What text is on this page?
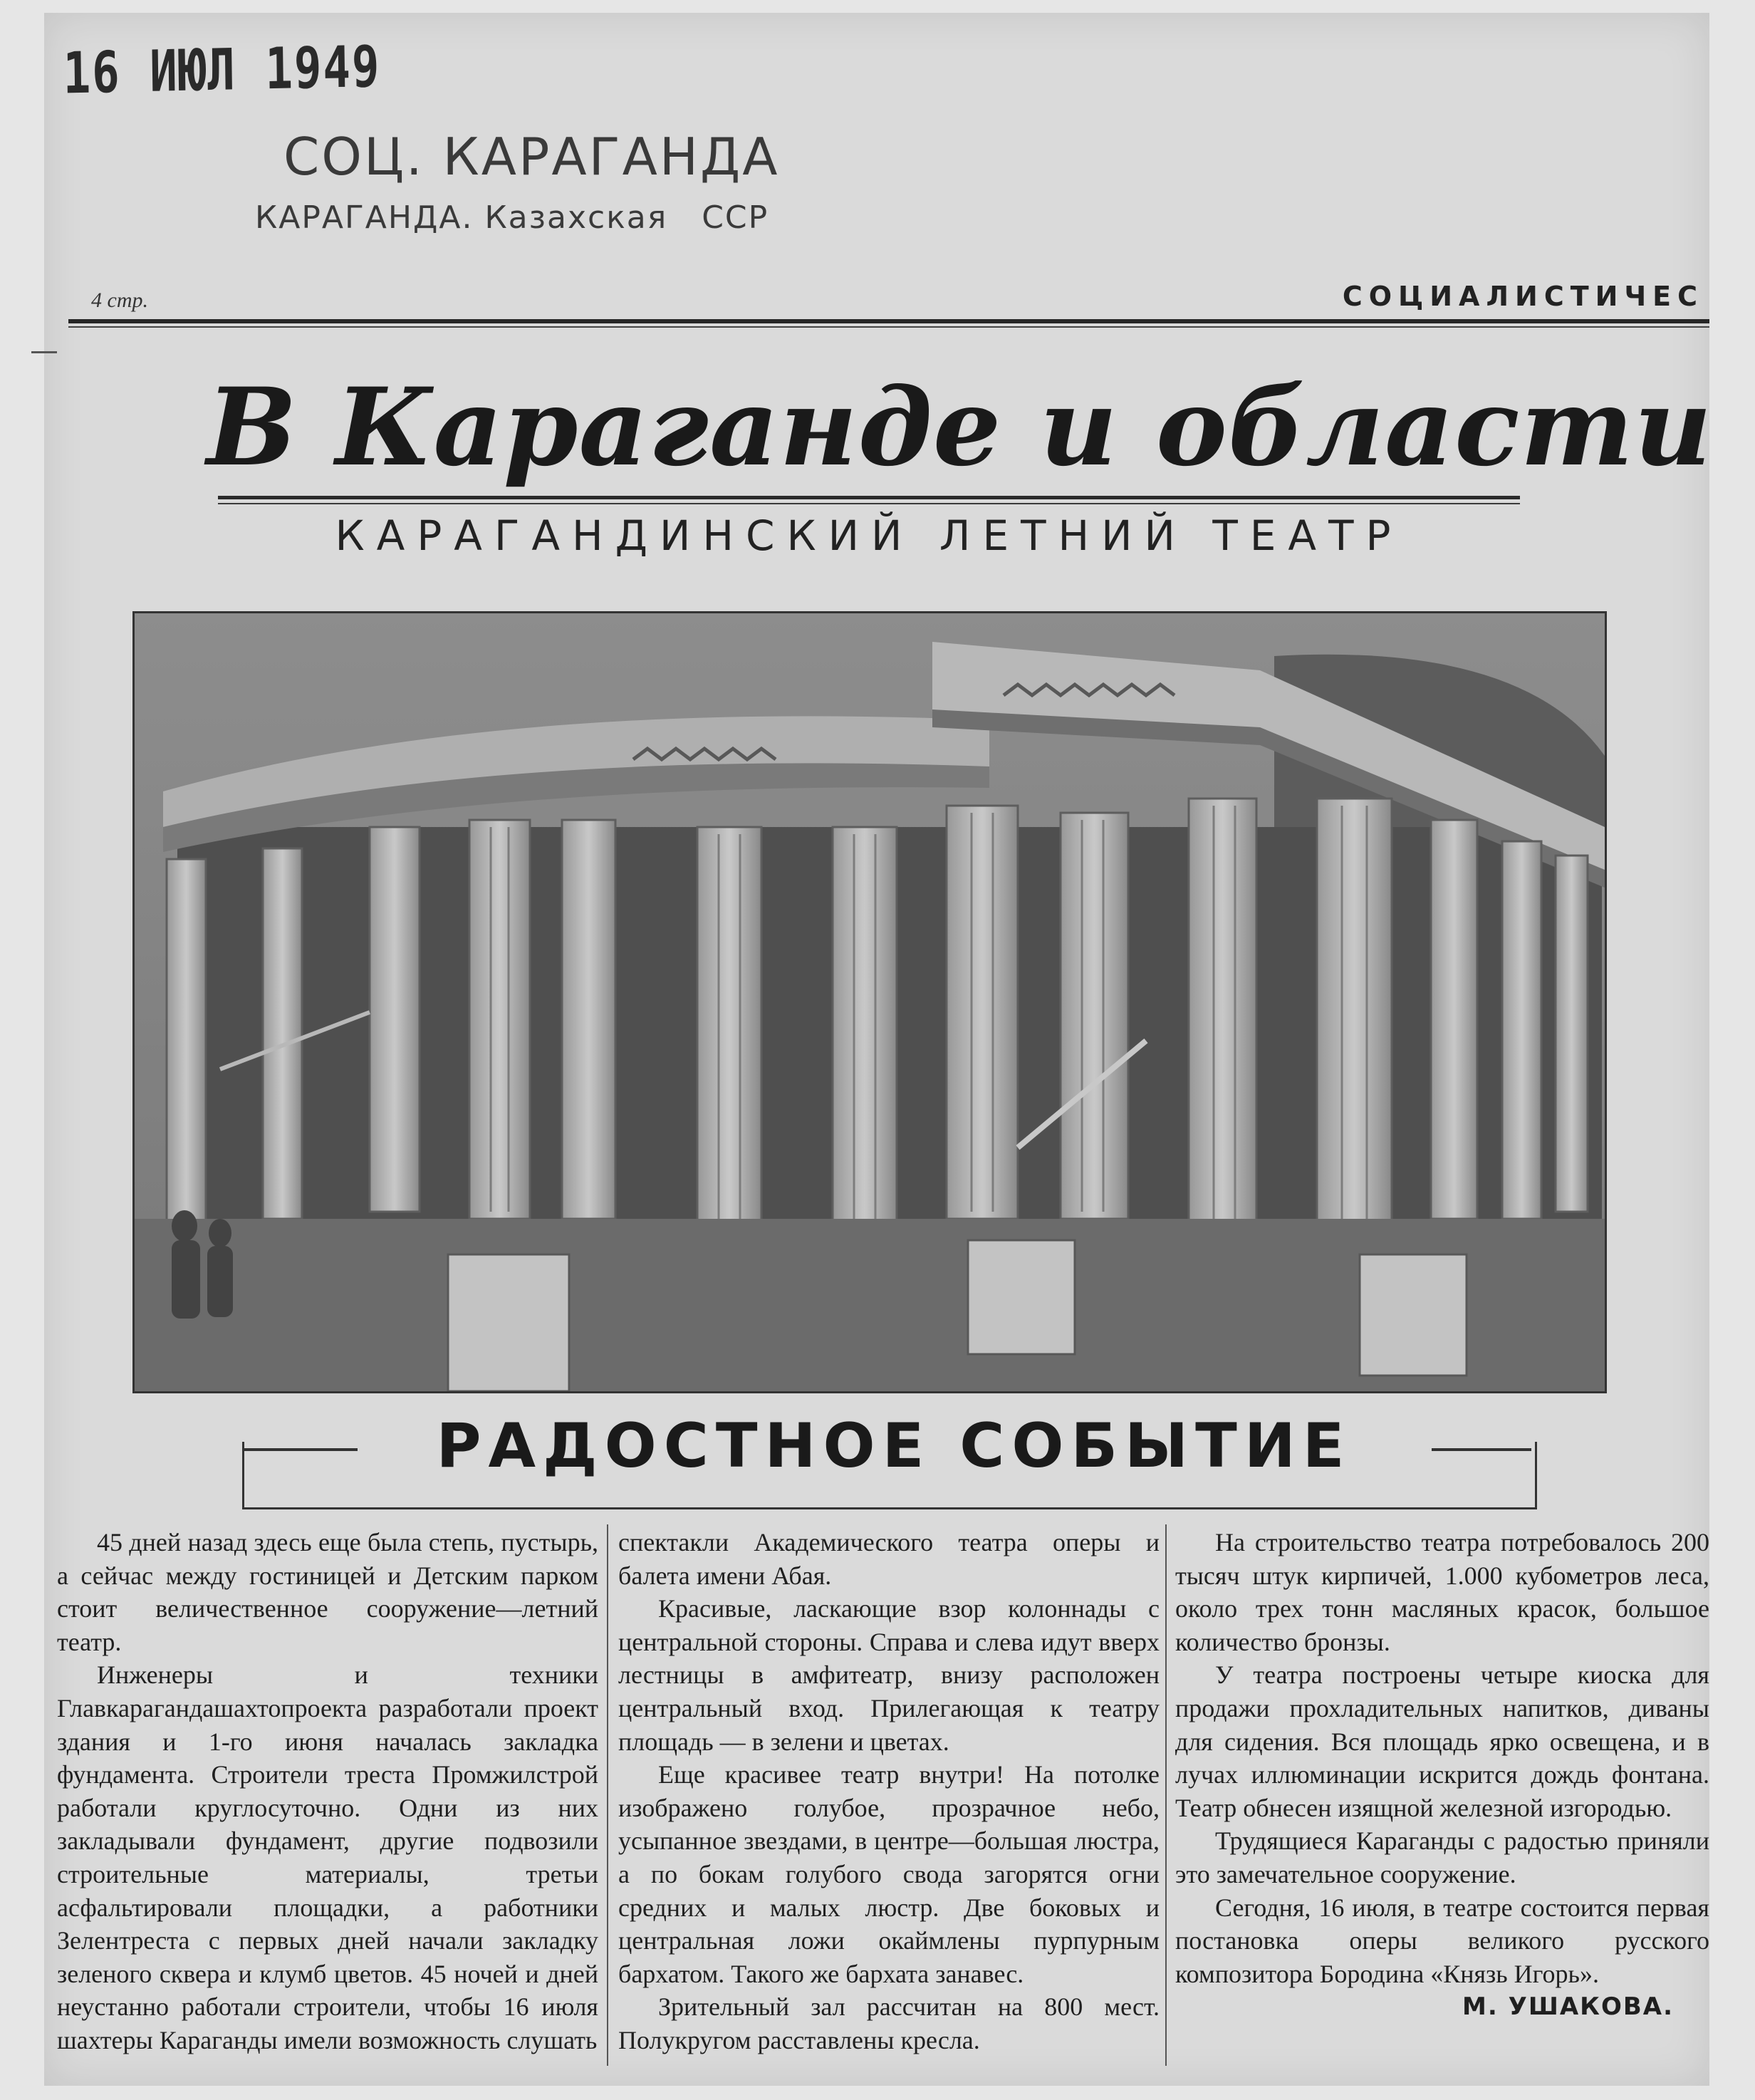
16 ИЮЛ 1949
СОЦ. КАРАГАНДА
КАРАГАНДА. Казахская   ССР
4 стр.	СОЦИАЛИСТИЧЕС
В Караганде и области
КАРАГАНДИНСКИЙ ЛЕТНИЙ ТЕАТР
РАДОСТНОЕ СОБЫТИЕ

45 дней назад здесь еще была степь, пустырь, а сейчас между гостиницей и Детским парком стоит величественное сооружение—летний театр.

Инженеры и техники Главкарагандашахтопроекта разработали проект здания и 1-го июня началась закладка фундамента. Строители треста Промжилстрой работали круглосуточно. Одни из них закладывали фундамент, другие подвозили строительные материалы, третьи асфальтировали площадки, а работники Зелентреста с первых дней начали закладку зеленого сквера и клумб цветов. 45 ночей и дней неустанно работали строители, чтобы 16 июля шахтеры Караганды имели возможность слушать

спектакли Академического театра оперы и балета имени Абая.

Красивые, ласкающие взор колоннады с центральной стороны. Справа и слева идут вверх лестницы в амфитеатр, внизу расположен центральный вход. Прилегающая к театру площадь — в зелени и цветах.

Еще красивее театр внутри! На потолке изображено голубое, прозрачное небо, усыпанное звездами, в центре—большая люстра, а по бокам голубого свода загорятся огни средних и малых люстр. Две боковых и центральная ложи окаймлены пурпурным бархатом. Такого же бархата занавес.

Зрительный зал рассчитан на 800 мест. Полукругом расставлены кресла.

На строительство театра потребовалось 200 тысяч штук кирпичей, 1.000 кубометров леса, около трех тонн масляных красок, большое количество бронзы.

У театра построены четыре киоска для продажи прохладительных напитков, диваны для сидения. Вся площадь ярко освещена, и в лучах иллюминации искрится дождь фонтана. Театр обнесен изящной железной изгородью.

Трудящиеся Караганды с радостью приняли это замечательное сооружение.

Сегодня, 16 июля, в театре состоится первая постановка оперы великого русского композитора Бородина «Князь Игорь».

М. УШАКОВА.
